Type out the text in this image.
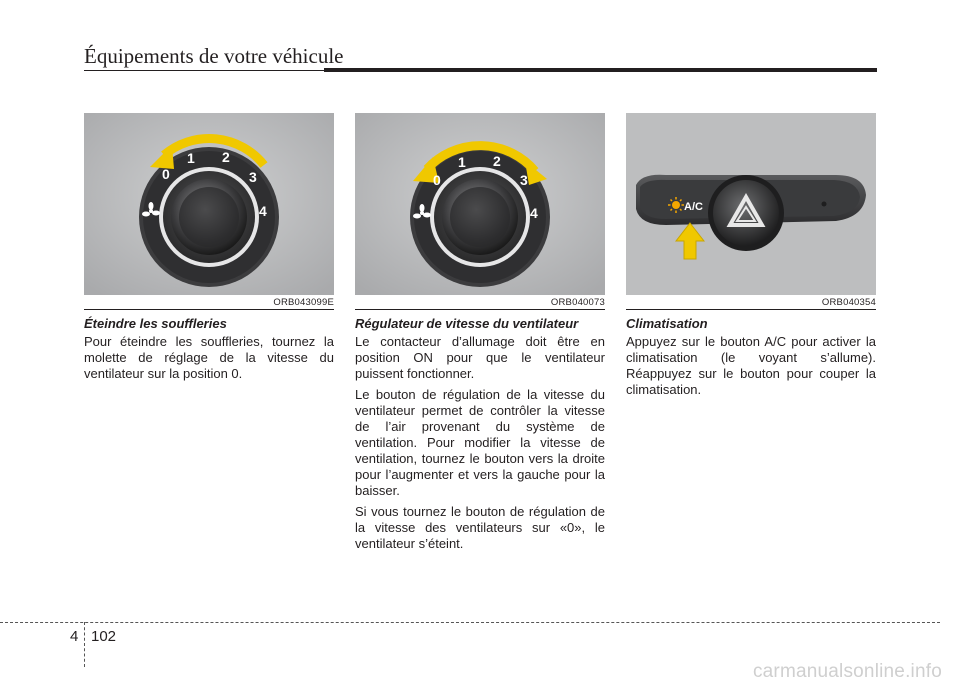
Équipements de votre véhicule
0
1 2
3
4
ORB043099E
0
1 2
3
4
ORB040073
A/C
ORB040354
Éteindre les souffleries

Pour éteindre les souffleries, tournez la molette de réglage de la vitesse du ventilateur sur la position 0.

Régulateur de vitesse du ventilateur

Le contacteur d’allumage doit être en position ON pour que le ventilateur puissent fonctionner.

Le bouton de régulation de la vitesse du ventilateur permet de contrôler la vitesse de l’air provenant du système de ventilation. Pour modifier la vitesse de ventilation, tournez le bouton vers la droite pour l’augmenter et vers la gauche pour la baisser.

Si vous tournez le bouton de régulation de la vitesse des ventilateurs sur «0», le ventilateur s’éteint.

Climatisation

Appuyez sur le bouton A/C pour activer la climatisation (le voyant s’allume). Réappuyez sur le bouton pour couper la climatisation.

4 102
carmanualsonline.info
